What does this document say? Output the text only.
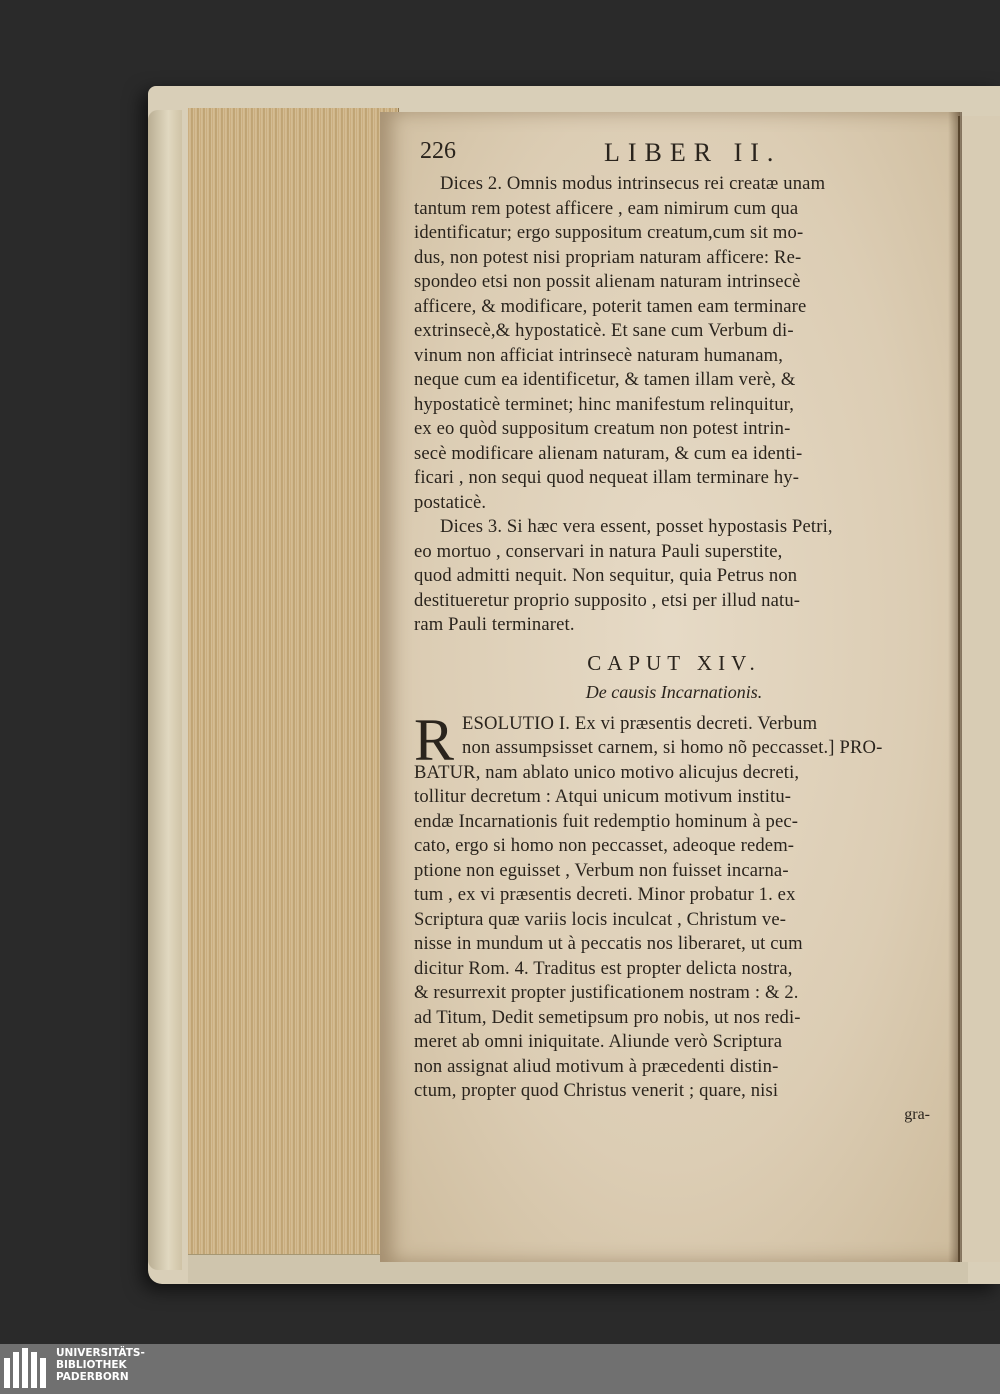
226	LIBER II.
Dices 2. Omnis modus intrinsecus rei creatæ unam
tantum rem potest afficere , eam nimirum cum qua
identificatur; ergo suppositum creatum,cum sit mo-
dus, non potest nisi propriam naturam afficere: Re-
spondeo etsi non possit alienam naturam intrinsecè
afficere, & modificare, poterit tamen eam terminare
extrinsecè,& hypostaticè. Et sane cum Verbum di-
vinum non afficiat intrinsecè naturam humanam,
neque cum ea identificetur, & tamen illam verè, &
hypostaticè terminet; hinc manifestum relinquitur,
ex eo quòd suppositum creatum non potest intrin-
secè modificare alienam naturam, & cum ea identi-
ficari , non sequi quod nequeat illam terminare hy-
postaticè.
Dices 3. Si hæc vera essent, posset hypostasis Petri,
eo mortuo , conservari in natura Pauli superstite,
quod admitti nequit. Non sequitur, quia Petrus non
destitueretur proprio supposito , etsi per illud natu-
ram Pauli terminaret.
CAPUT XIV.
De causis Incarnationis.
R ESOLUTIO I. Ex vi præsentis decreti. Verbum
non assumpsisset carnem, si homo nõ peccasset.] PRO-
BATUR, nam ablato unico motivo alicujus decreti,
tollitur decretum : Atqui unicum motivum institu-
endæ Incarnationis fuit redemptio hominum à pec-
cato, ergo si homo non peccasset, adeoque redem-
ptione non eguisset , Verbum non fuisset incarna-
tum , ex vi præsentis decreti. Minor probatur 1. ex
Scriptura quæ variis locis inculcat , Christum ve-
nisse in mundum ut à peccatis nos liberaret, ut cum
dicitur Rom. 4. Traditus est propter delicta nostra,
& resurrexit propter justificationem nostram : & 2.
ad Titum, Dedit semetipsum pro nobis, ut nos redi-
meret ab omni iniquitate. Aliunde verò Scriptura
non assignat aliud motivum à præcedenti distin-
ctum, propter quod Christus venerit ; quare, nisi
gra-
UNIVERSITÄTS-
BIBLIOTHEK
PADERBORN
